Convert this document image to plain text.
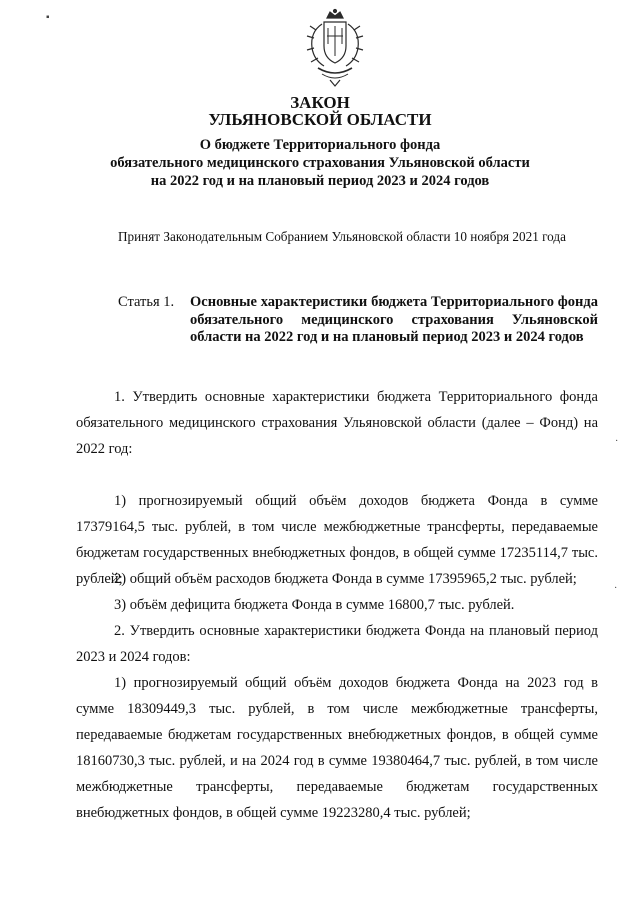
▪
·
·
ЗАКОН
УЛЬЯНОВСКОЙ ОБЛАСТИ
О бюджете Территориального фонда
обязательного медицинского страхования Ульяновской области
на 2022 год и на плановый период 2023 и 2024 годов
Принят Законодательным Собранием Ульяновской области 10 ноября 2021 года
Статья 1. Основные характеристики бюджета Территориального фонда обязательного медицинского страхования Ульяновской области на 2022 год и на плановый период 2023 и 2024 годов
1. Утвердить основные характеристики бюджета Территориального фонда обязательного медицинского страхования Ульяновской области (далее – Фонд) на 2022 год:
1) прогнозируемый общий объём доходов бюджета Фонда в сумме 17379164,5 тыс. рублей, в том числе межбюджетные трансферты, передаваемые бюджетам государственных внебюджетных фондов, в общей сумме 17235114,7 тыс. рублей;
2) общий объём расходов бюджета Фонда в сумме 17395965,2 тыс. рублей;
3) объём дефицита бюджета Фонда в сумме 16800,7 тыс. рублей.
2. Утвердить основные характеристики бюджета Фонда на плановый период 2023 и 2024 годов:
1) прогнозируемый общий объём доходов бюджета Фонда на 2023 год в сумме 18309449,3 тыс. рублей, в том числе межбюджетные трансферты, передаваемые бюджетам государственных внебюджетных фондов, в общей сумме 18160730,3 тыс. рублей, и на 2024 год в сумме 19380464,7 тыс. рублей, в том числе межбюджетные трансферты, передаваемые бюджетам государственных внебюджетных фондов, в общей сумме 19223280,4 тыс. рублей;
